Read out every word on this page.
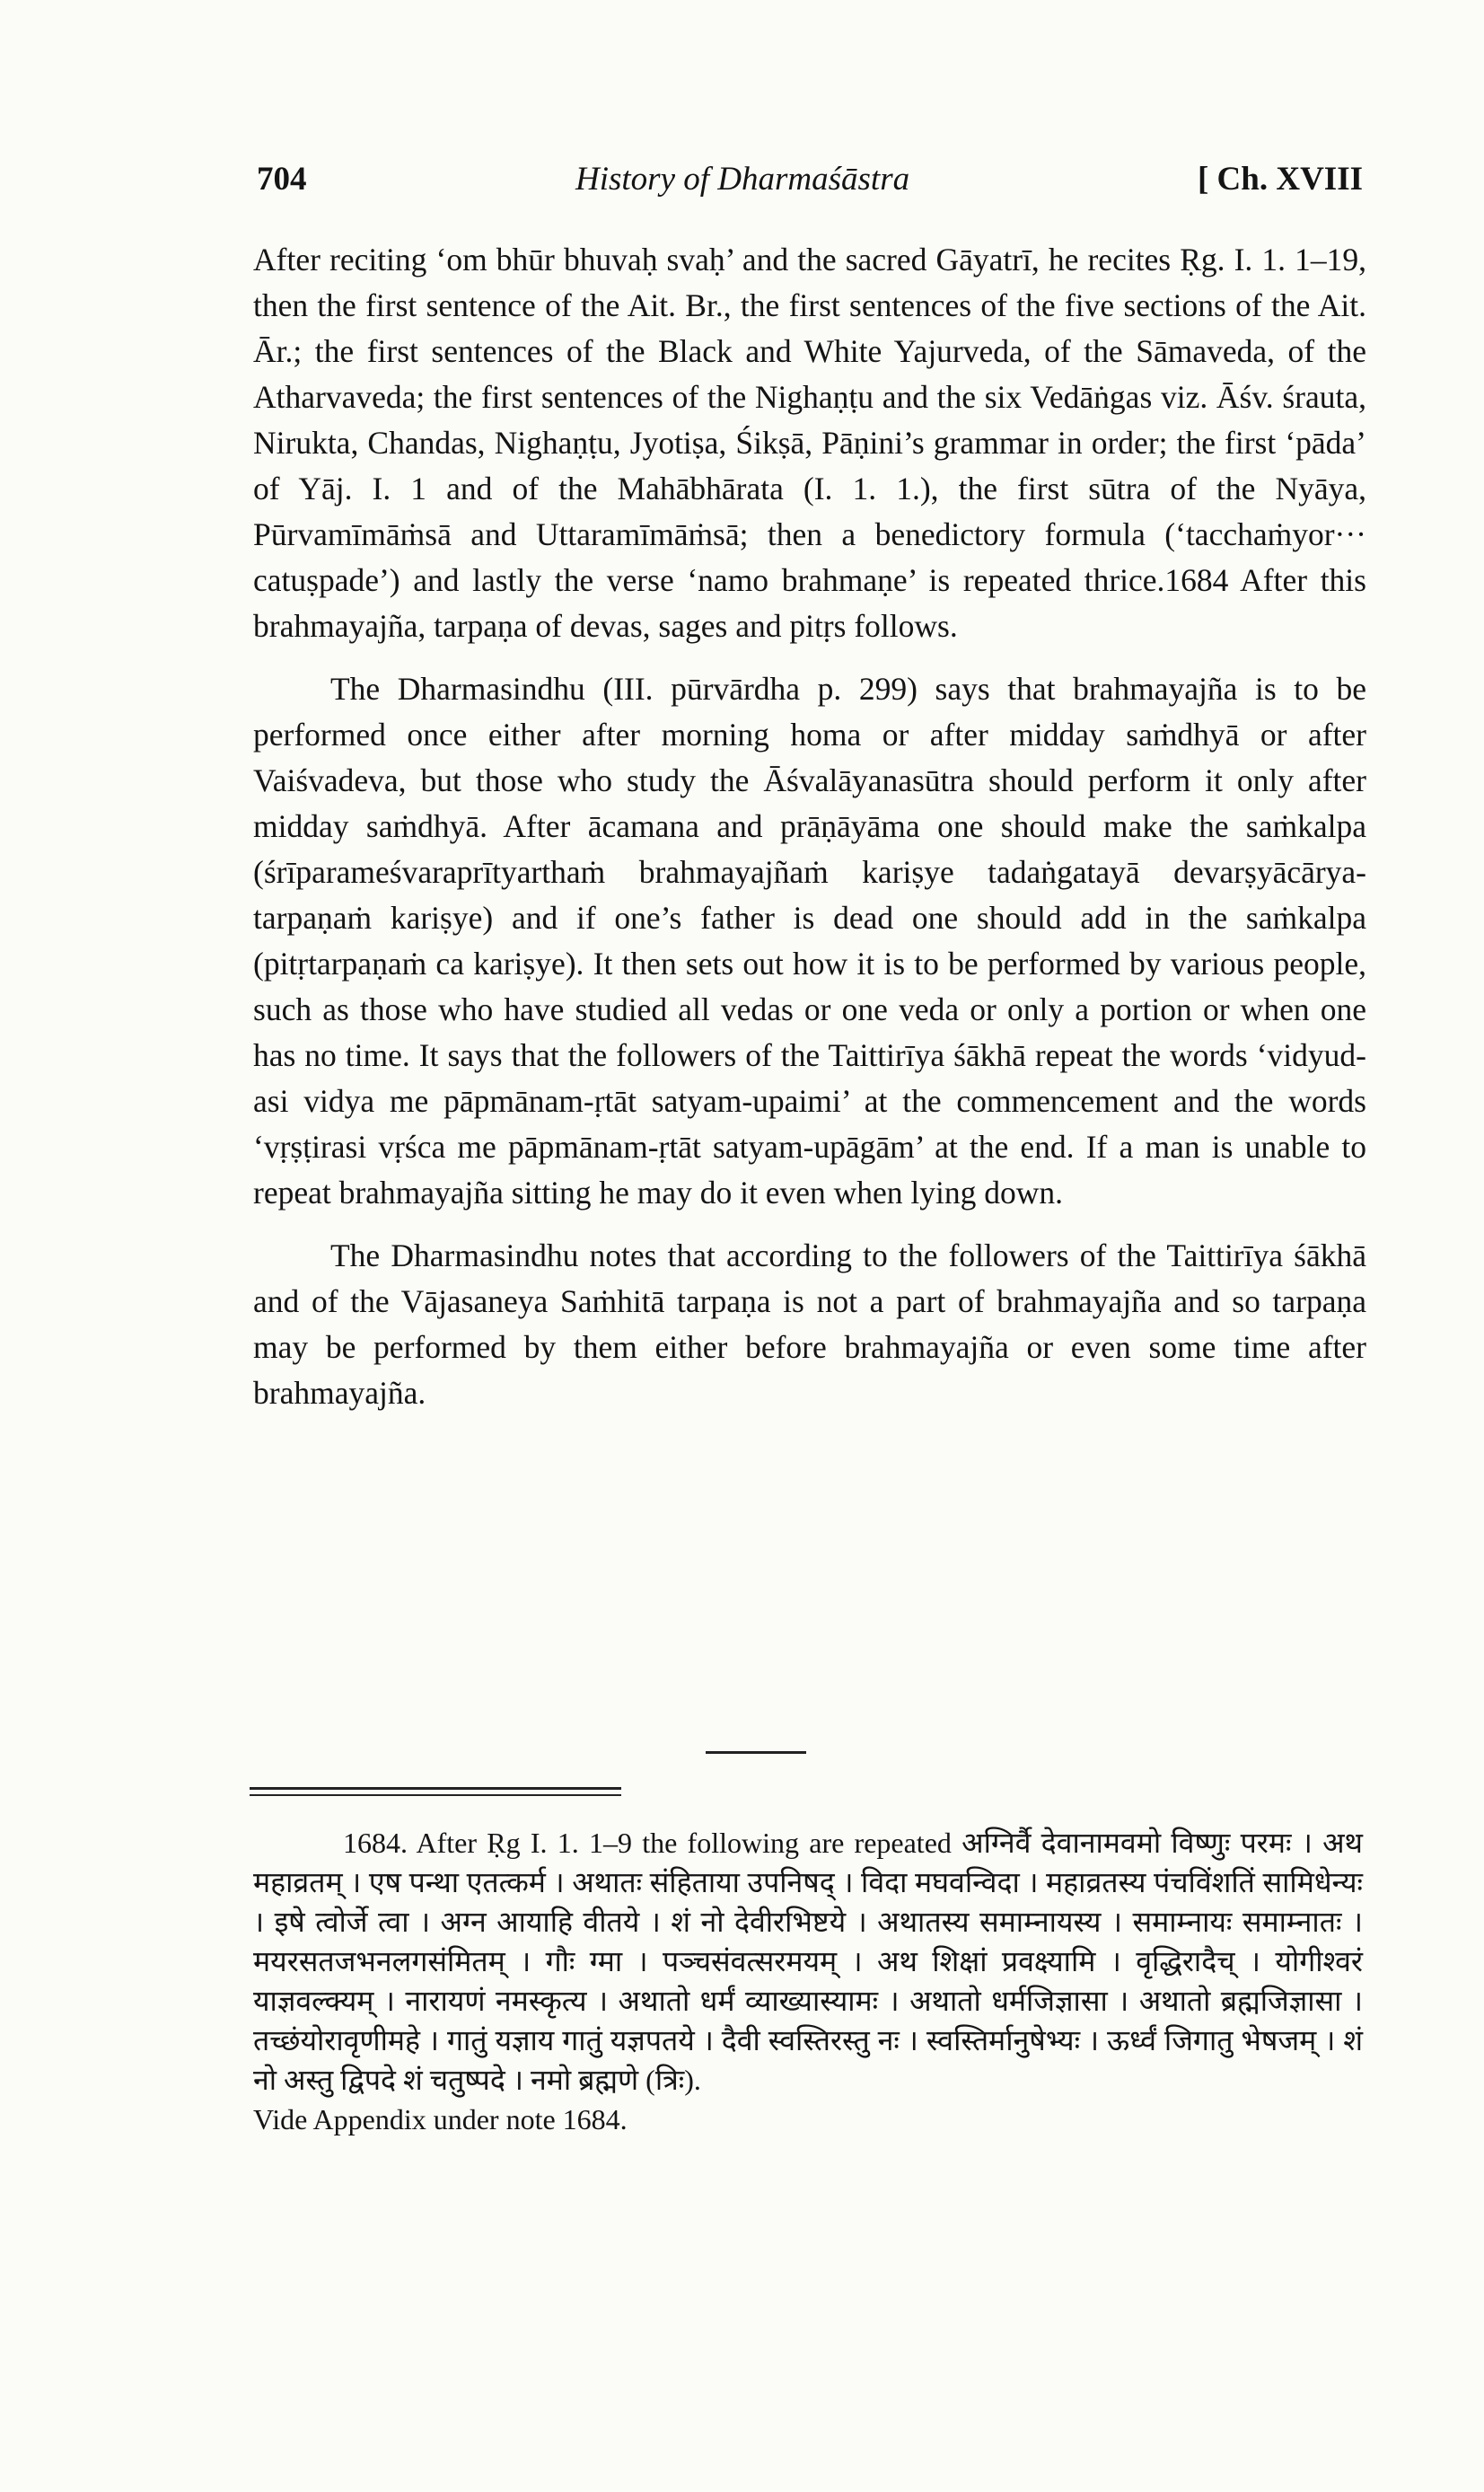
704	History of Dharmaśāstra	[ Ch. XVIII

After reciting ‘om bhūr bhuvaḥ svaḥ’ and the sacred Gāyatrī, he recites Ṛg. I. 1. 1–19, then the first sentence of the Ait. Br., the first sentences of the five sections of the Ait. Ār.; the first sentences of the Black and White Yajurveda, of the Sāmaveda, of the Atharvaveda; the first sentences of the Nighaṇṭu and the six Vedāṅgas viz. Āśv. śrauta, Nirukta, Chandas, Nighaṇṭu, Jyotiṣa, Śikṣā, Pāṇini’s grammar in order; the first ‘pāda’ of Yāj. I. 1 and of the Mahābhārata (I. 1. 1.), the first sūtra of the Nyāya, Pūrvamīmāṁsā and Uttaramīmāṁsā; then a benedictory formula (‘tacchaṁyor··· catuṣpade’) and lastly the verse ‘namo brahmaṇe’ is repeated thrice.1684 After this brahmayajña, tarpaṇa of devas, sages and pitṛs follows.

The Dharmasindhu (III. pūrvārdha p. 299) says that brahmayajña is to be performed once either after morning homa or after midday saṁdhyā or after Vaiśvadeva, but those who study the Āśvalāyanasūtra should perform it only after midday saṁdhyā. After ācamana and prāṇāyāma one should make the saṁkalpa (śrīparameśvaraprītyarthaṁ brahmayajñaṁ kariṣye tadaṅgatayā devarṣyācārya-tarpaṇaṁ kariṣye) and if one’s father is dead one should add in the saṁkalpa (pitṛtarpaṇaṁ ca kariṣye). It then sets out how it is to be performed by various people, such as those who have studied all vedas or one veda or only a portion or when one has no time. It says that the followers of the Taittirīya śākhā repeat the words ‘vidyud-asi vidya me pāpmānam-ṛtāt satyam-upaimi’ at the commencement and the words ‘vṛṣṭirasi vṛśca me pāpmānam-ṛtāt satyam-upāgām’ at the end. If a man is unable to repeat brahmayajña sitting he may do it even when lying down.

The Dharmasindhu notes that according to the followers of the Taittirīya śākhā and of the Vājasaneya Saṁhitā tarpaṇa is not a part of brahmayajña and so tarpaṇa may be performed by them either before brahmayajña or even some time after brahmayajña.

1684. After Ṛg I. 1. 1–9 the following are repeated अग्निर्वै देवानामवमो विष्णुः परमः । अथ महाव्रतम् । एष पन्था एतत्कर्म । अथातः संहिताया उपनिषद् । विदा मघवन्विदा । महाव्रतस्य पंचविंशतिं सामिधेन्यः । इषे त्वोर्जे त्वा । अग्न आयाहि वीतये । शं नो देवीरभिष्टये । अथातस्य समाम्नायस्य । समाम्नायः समाम्नातः । मयरसतजभनलगसंमितम् । गौः ग्मा । पञ्चसंवत्सरमयम् । अथ शिक्षां प्रवक्ष्यामि । वृद्धिरादैच् । योगीश्वरं याज्ञवल्क्यम् । नारायणं नमस्कृत्य । अथातो धर्मं व्याख्यास्यामः । अथातो धर्मजिज्ञासा । अथातो ब्रह्मजिज्ञासा । तच्छंयोरावृणीमहे । गातुं यज्ञाय गातुं यज्ञपतये । दैवी स्वस्तिरस्तु नः । स्वस्तिर्मानुषेभ्यः । ऊर्ध्वं जिगातु भेषजम् । शं नो अस्तु द्विपदे शं चतुष्पदे । नमो ब्रह्मणे (त्रिः).

Vide Appendix under note 1684.
